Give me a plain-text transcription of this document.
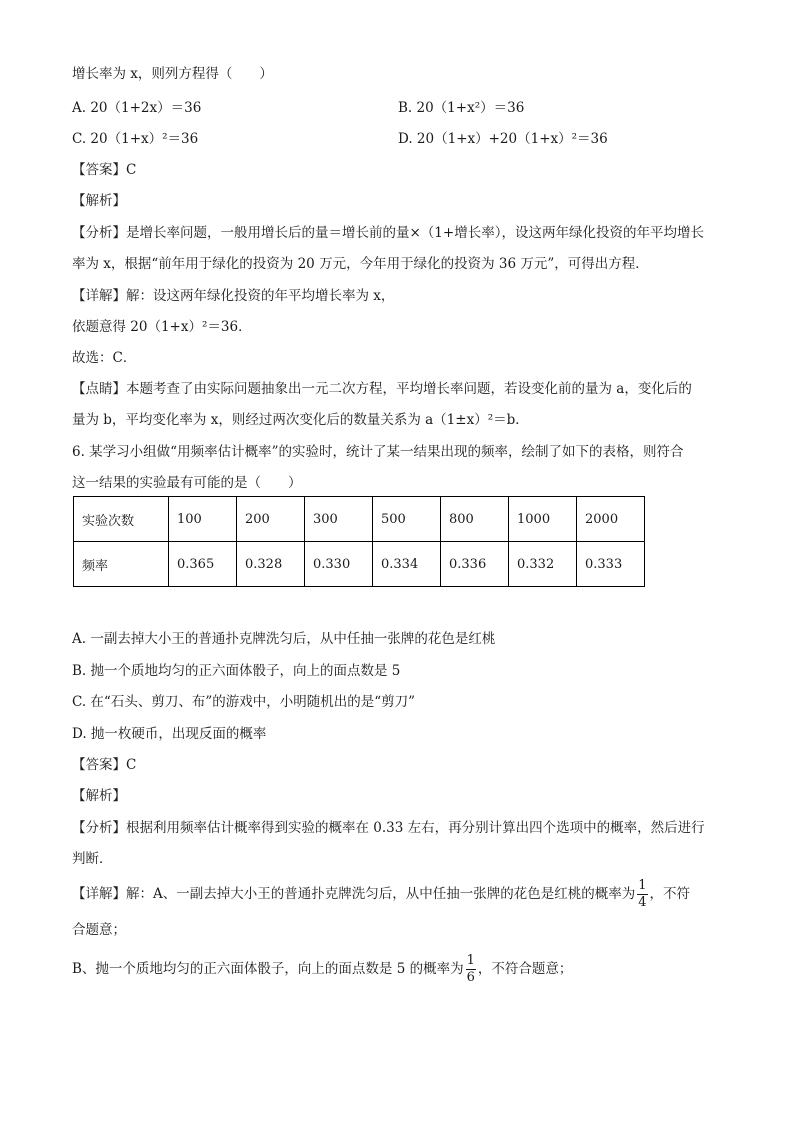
增长率为 x，则列方程得（　　）
A. 20（1+2x）＝36	B. 20（1+x²）＝36
C. 20（1+x）²＝36	D. 20（1+x）+20（1+x）²＝36
【答案】C
【解析】
【分析】是增长率问题，一般用增长后的量＝增长前的量×（1+增长率），设这两年绿化投资的年平均增长
率为 x，根据“前年用于绿化的投资为 20 万元，今年用于绿化的投资为 36 万元”，可得出方程．
【详解】解：设这两年绿化投资的年平均增长率为 x，
依题意得 20（1+x）²＝36．
故选：C．
【点睛】本题考查了由实际问题抽象出一元二次方程，平均增长率问题，若设变化前的量为 a，变化后的
量为 b，平均变化率为 x，则经过两次变化后的数量关系为 a（1±x）²＝b．
6. 某学习小组做“用频率估计概率”的实验时，统计了某一结果出现的频率，绘制了如下的表格，则符合
这一结果的实验最有可能的是（　　）
实验次数	100	200	300	500	800	1000	2000
频率	0.365	0.328	0.330	0.334	0.336	0.332	0.333
A. 一副去掉大小王的普通扑克牌洗匀后，从中任抽一张牌的花色是红桃
B. 抛一个质地均匀的正六面体骰子，向上的面点数是 5
C. 在“石头、剪刀、布”的游戏中，小明随机出的是“剪刀”
D. 抛一枚硬币，出现反面的概率
【答案】C
【解析】
【分析】根据利用频率估计概率得到实验的概率在 0.33 左右，再分别计算出四个选项中的概率，然后进行
判断．
【详解】解：A、一副去掉大小王的普通扑克牌洗匀后，从中任抽一张牌的花色是红桃的概率为 $\frac{1}{4}$ ，不符
合题意；
B、抛一个质地均匀的正六面体骰子，向上的面点数是 5 的概率为 $\frac{1}{6}$ ，不符合题意；
